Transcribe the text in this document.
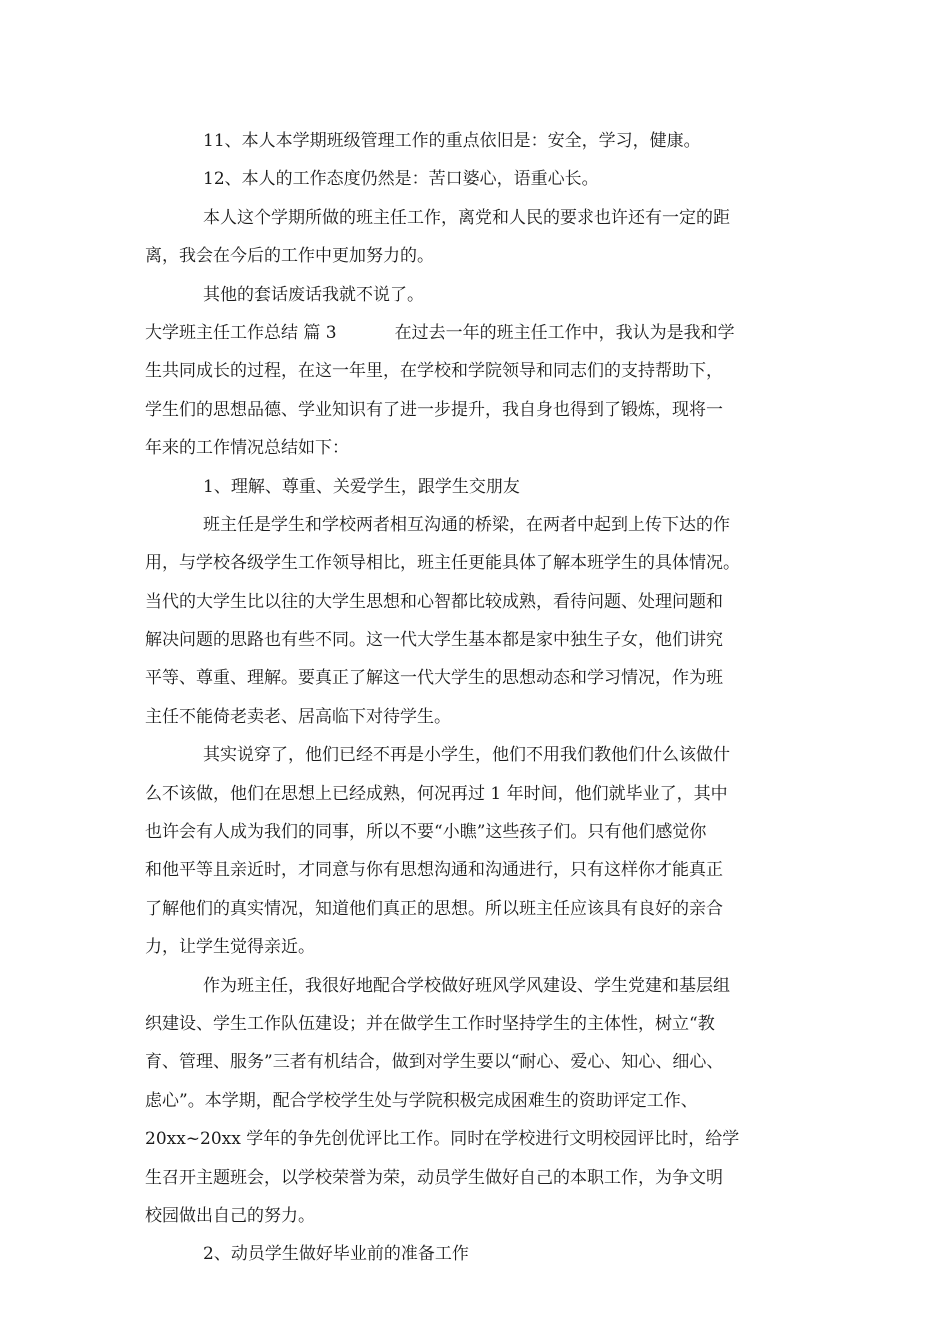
11、本人本学期班级管理工作的重点依旧是：安全，学习，健康。
12、本人的工作态度仍然是：苦口婆心，语重心长。
本人这个学期所做的班主任工作，离党和人民的要求也许还有一定的距
离，我会在今后的工作中更加努力的。
其他的套话废话我就不说了。
大学班主任工作总结 篇 3	在过去一年的班主任工作中，我认为是我和学
生共同成长的过程，在这一年里，在学校和学院领导和同志们的支持帮助下，
学生们的思想品德、学业知识有了进一步提升，我自身也得到了锻炼，现将一
年来的工作情况总结如下：
1、理解、尊重、关爱学生，跟学生交朋友
班主任是学生和学校两者相互沟通的桥梁，在两者中起到上传下达的作
用，与学校各级学生工作领导相比，班主任更能具体了解本班学生的具体情况。
当代的大学生比以往的大学生思想和心智都比较成熟，看待问题、处理问题和
解决问题的思路也有些不同。这一代大学生基本都是家中独生子女，他们讲究
平等、尊重、理解。要真正了解这一代大学生的思想动态和学习情况，作为班
主任不能倚老卖老、居高临下对待学生。
其实说穿了，他们已经不再是小学生，他们不用我们教他们什么该做什
么不该做，他们在思想上已经成熟，何况再过 1 年时间，他们就毕业了，其中
也许会有人成为我们的同事，所以不要“小瞧”这些孩子们。只有他们感觉你
和他平等且亲近时，才同意与你有思想沟通和沟通进行，只有这样你才能真正
了解他们的真实情况，知道他们真正的思想。所以班主任应该具有良好的亲合
力，让学生觉得亲近。
作为班主任，我很好地配合学校做好班风学风建设、学生党建和基层组
织建设、学生工作队伍建设；并在做学生工作时坚持学生的主体性，树立“教
育、管理、服务”三者有机结合，做到对学生要以“耐心、爱心、知心、细心、
虑心”。本学期，配合学校学生处与学院积极完成困难生的资助评定工作、
20xx~20xx 学年的争先创优评比工作。同时在学校进行文明校园评比时，给学
生召开主题班会，以学校荣誉为荣，动员学生做好自己的本职工作，为争文明
校园做出自己的努力。
2、动员学生做好毕业前的准备工作
